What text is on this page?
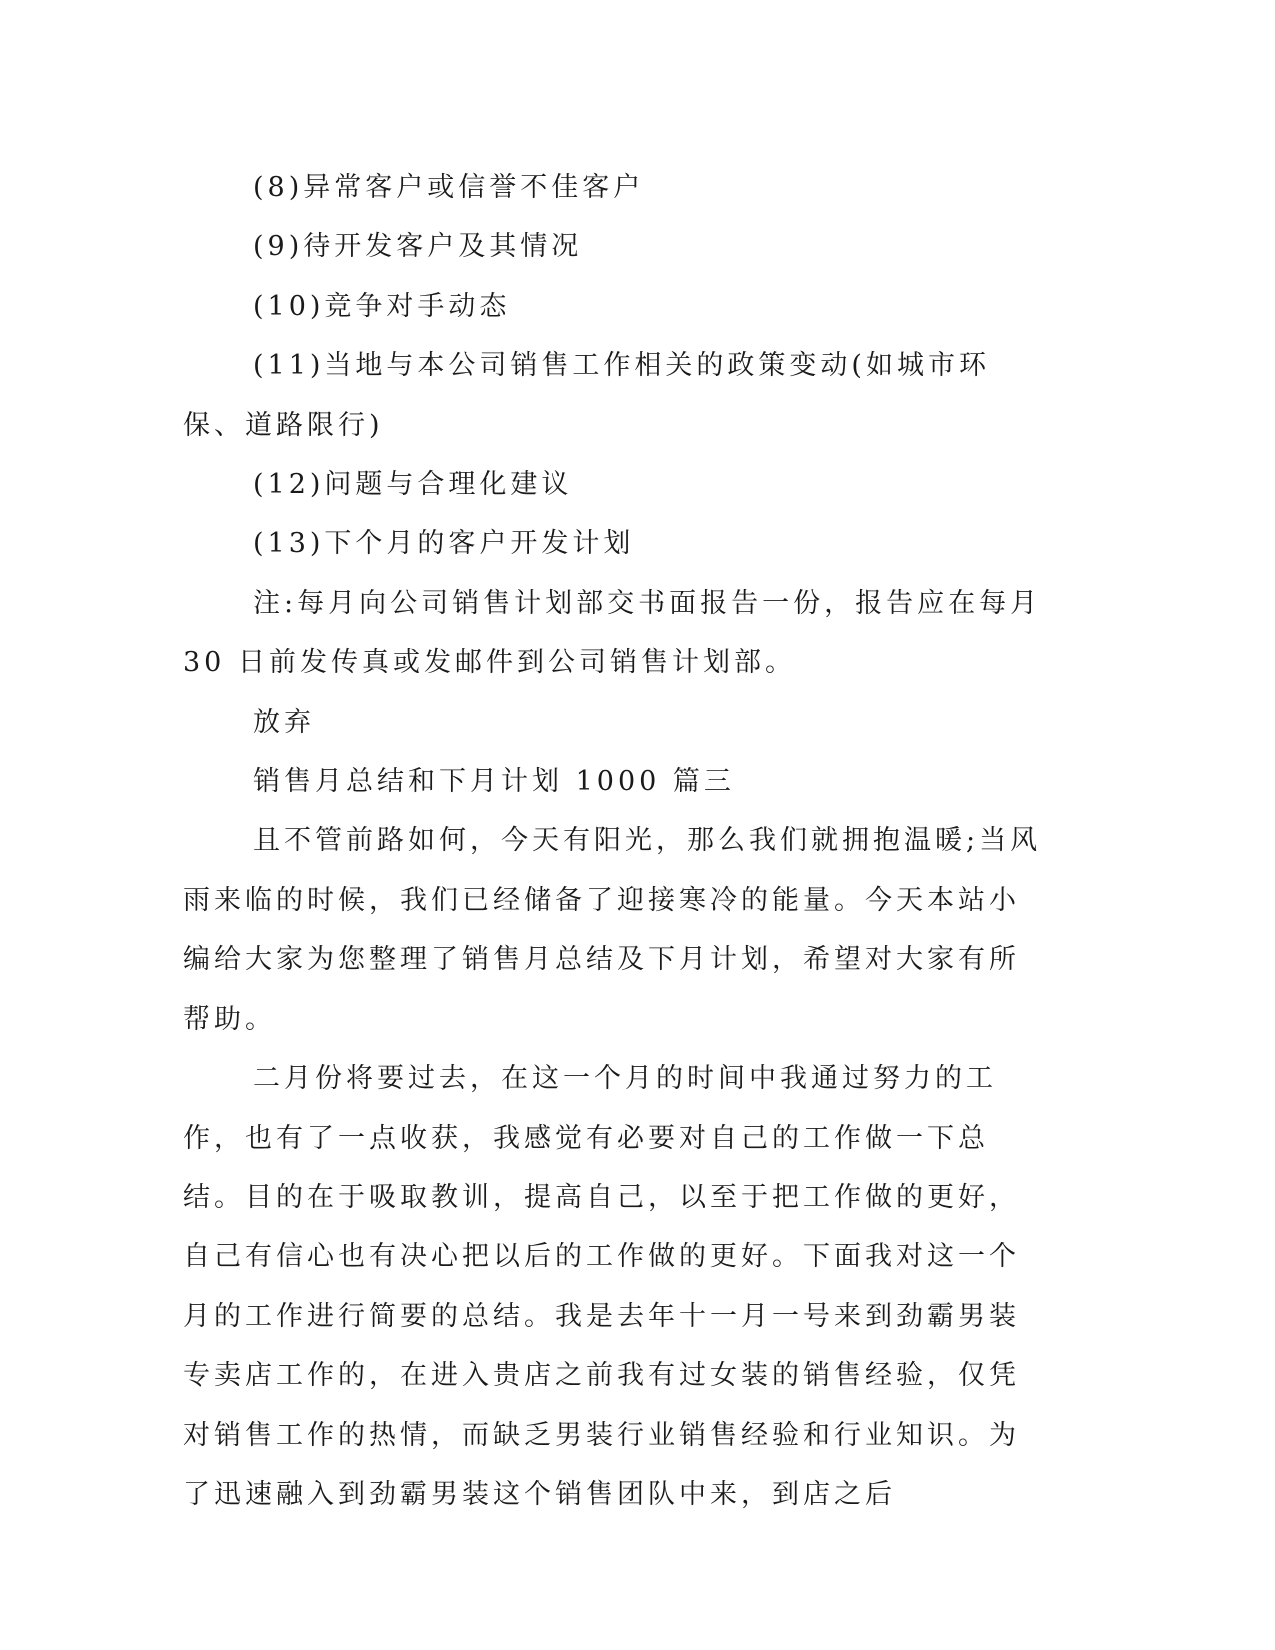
(8)异常客户或信誉不佳客户

(9)待开发客户及其情况

(10)竞争对手动态

(11)当地与本公司销售工作相关的政策变动(如城市环保、道路限行)

(12)问题与合理化建议

(13)下个月的客户开发计划

注:每月向公司销售计划部交书面报告一份，报告应在每月 30 日前发传真或发邮件到公司销售计划部。

放弃

销售月总结和下月计划 1000 篇三

且不管前路如何，今天有阳光，那么我们就拥抱温暖;当风雨来临的时候，我们已经储备了迎接寒冷的能量。今天本站小编给大家为您整理了销售月总结及下月计划，希望对大家有所帮助。

二月份将要过去，在这一个月的时间中我通过努力的工作，也有了一点收获，我感觉有必要对自己的工作做一下总结。目的在于吸取教训，提高自己，以至于把工作做的更好，自己有信心也有决心把以后的工作做的更好。下面我对这一个月的工作进行简要的总结。我是去年十一月一号来到劲霸男装专卖店工作的，在进入贵店之前我有过女装的销售经验，仅凭对销售工作的热情，而缺乏男装行业销售经验和行业知识。为了迅速融入到劲霸男装这个销售团队中来，到店之后
